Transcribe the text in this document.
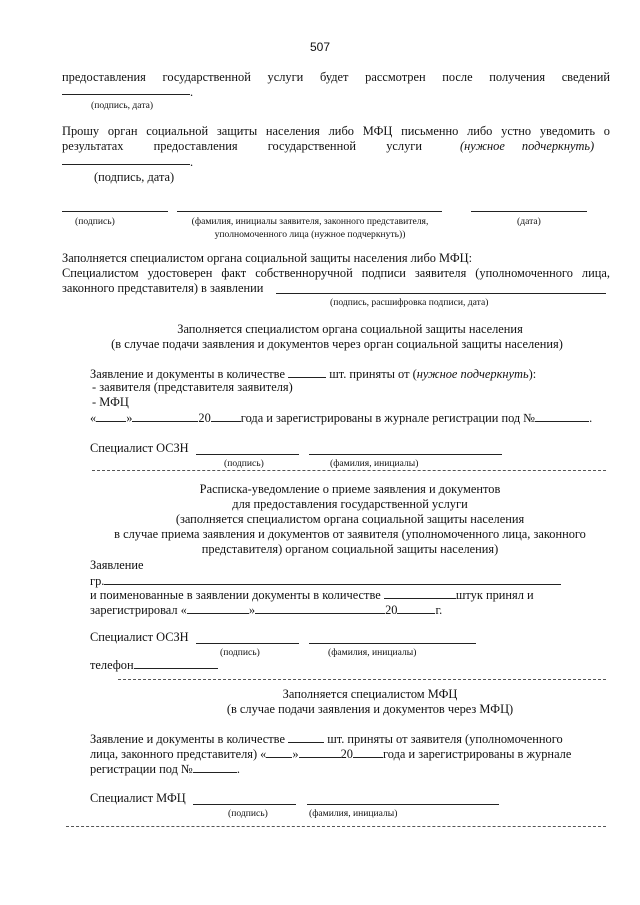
507
предоставления государственной услуги будет рассмотрен после получения сведений
.
(подпись, дата)
Прошу орган социальной защиты населения либо МФЦ письменно либо устно уведомить о
результатах предоставления государственной услуги	(нужное подчеркнуть)
.
(подпись, дата)
(подпись)	(фамилия, инициалы заявителя, законного представителя,
уполномоченного лица (нужное подчеркнуть))
(дата)
Заполняется специалистом органа социальной защиты населения либо МФЦ:
Специалистом удостоверен факт собственноручной подписи заявителя (уполномоченного лица,
законного представителя) в заявлении
(подпись, расшифровка подписи, дата)
Заполняется специалистом органа социальной защиты населения
(в случае подачи заявления и документов через орган социальной защиты населения)
Заявление и документы в количестве	шт. приняты от (нужное подчеркнуть):
- заявителя (представителя заявителя)
- МФЦ
« »	20 года и зарегистрированы в журнале регистрации под №	.
Специалист ОСЗН
(подпись)	(фамилия, инициалы)
Расписка-уведомление о приеме заявления и документов
для предоставления государственной услуги
(заполняется специалистом органа социальной защиты населения
в случае приема заявления и документов от заявителя (уполномоченного лица, законного
представителя) органом социальной защиты населения)
Заявление
гр.
и поименованные в заявлении документы в количестве	штук принял и
зарегистрировал «	»	20	г.
Специалист ОСЗН
(подпись)	(фамилия, инициалы)
телефон
Заполняется специалистом МФЦ
(в случае подачи заявления и документов через МФЦ)
Заявление и документы в количестве	шт. приняты от заявителя (уполномоченного
лица, законного представителя) « »	20 года и зарегистрированы в журнале
регистрации под №	.
Специалист МФЦ
(подпись)	(фамилия, инициалы)
